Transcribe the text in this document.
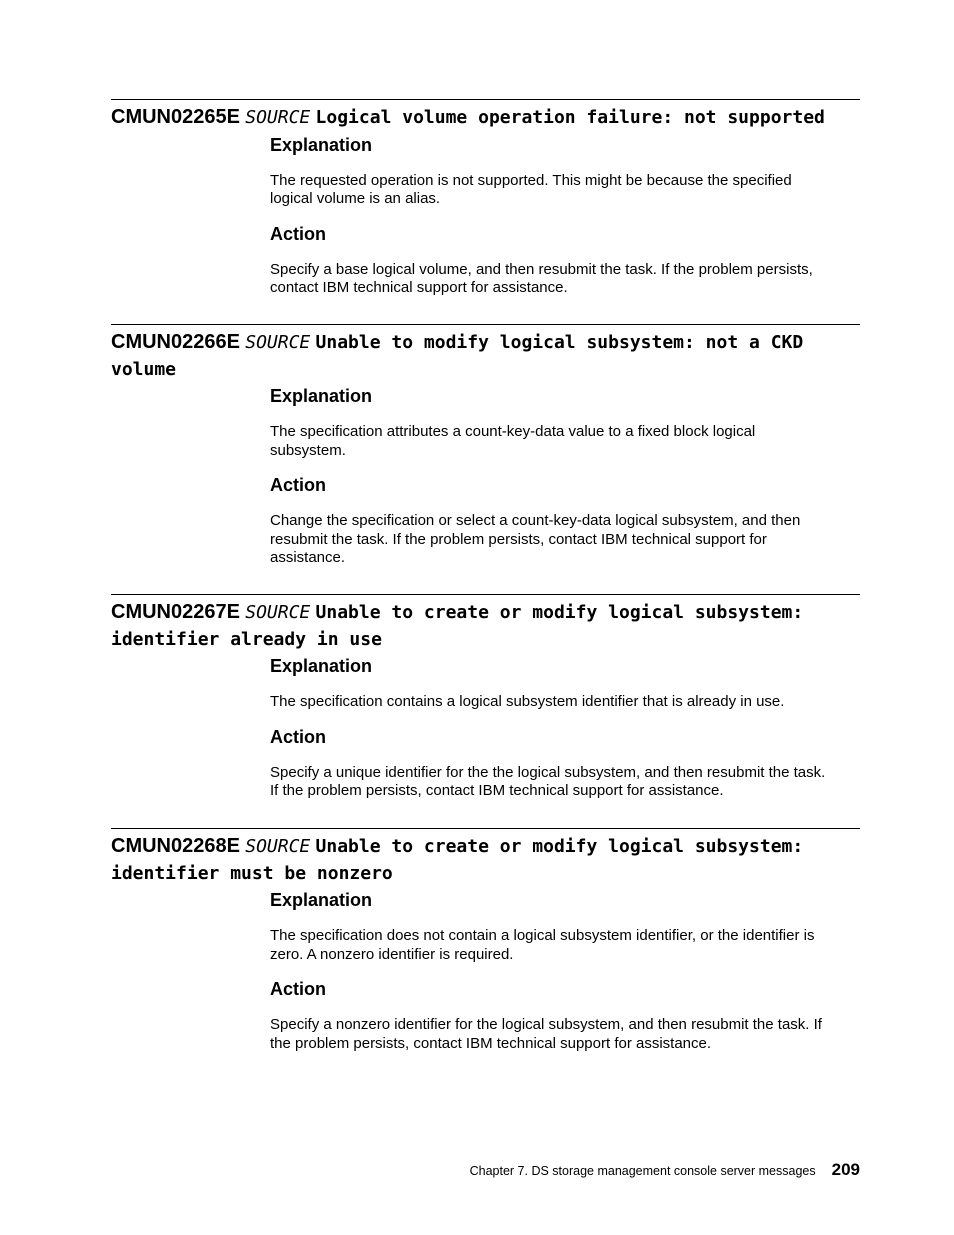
CMUN02265E SOURCE Logical volume operation failure: not supported
Explanation

The requested operation is not supported. This might be because the specified
logical volume is an alias.

Action

Specify a base logical volume, and then resubmit the task. If the problem persists,
contact IBM technical support for assistance.

CMUN02266E SOURCE Unable to modify logical subsystem: not a CKD volume
Explanation

The specification attributes a count-key-data value to a fixed block logical
subsystem.

Action

Change the specification or select a count-key-data logical subsystem, and then
resubmit the task. If the problem persists, contact IBM technical support for
assistance.

CMUN02267E SOURCE Unable to create or modify logical subsystem: identifier already in use
Explanation

The specification contains a logical subsystem identifier that is already in use.

Action

Specify a unique identifier for the the logical subsystem, and then resubmit the task.
If the problem persists, contact IBM technical support for assistance.

CMUN02268E SOURCE Unable to create or modify logical subsystem: identifier must be nonzero
Explanation

The specification does not contain a logical subsystem identifier, or the identifier is
zero. A nonzero identifier is required.

Action

Specify a nonzero identifier for the logical subsystem, and then resubmit the task. If
the problem persists, contact IBM technical support for assistance.

Chapter 7. DS storage management console server messages 209
